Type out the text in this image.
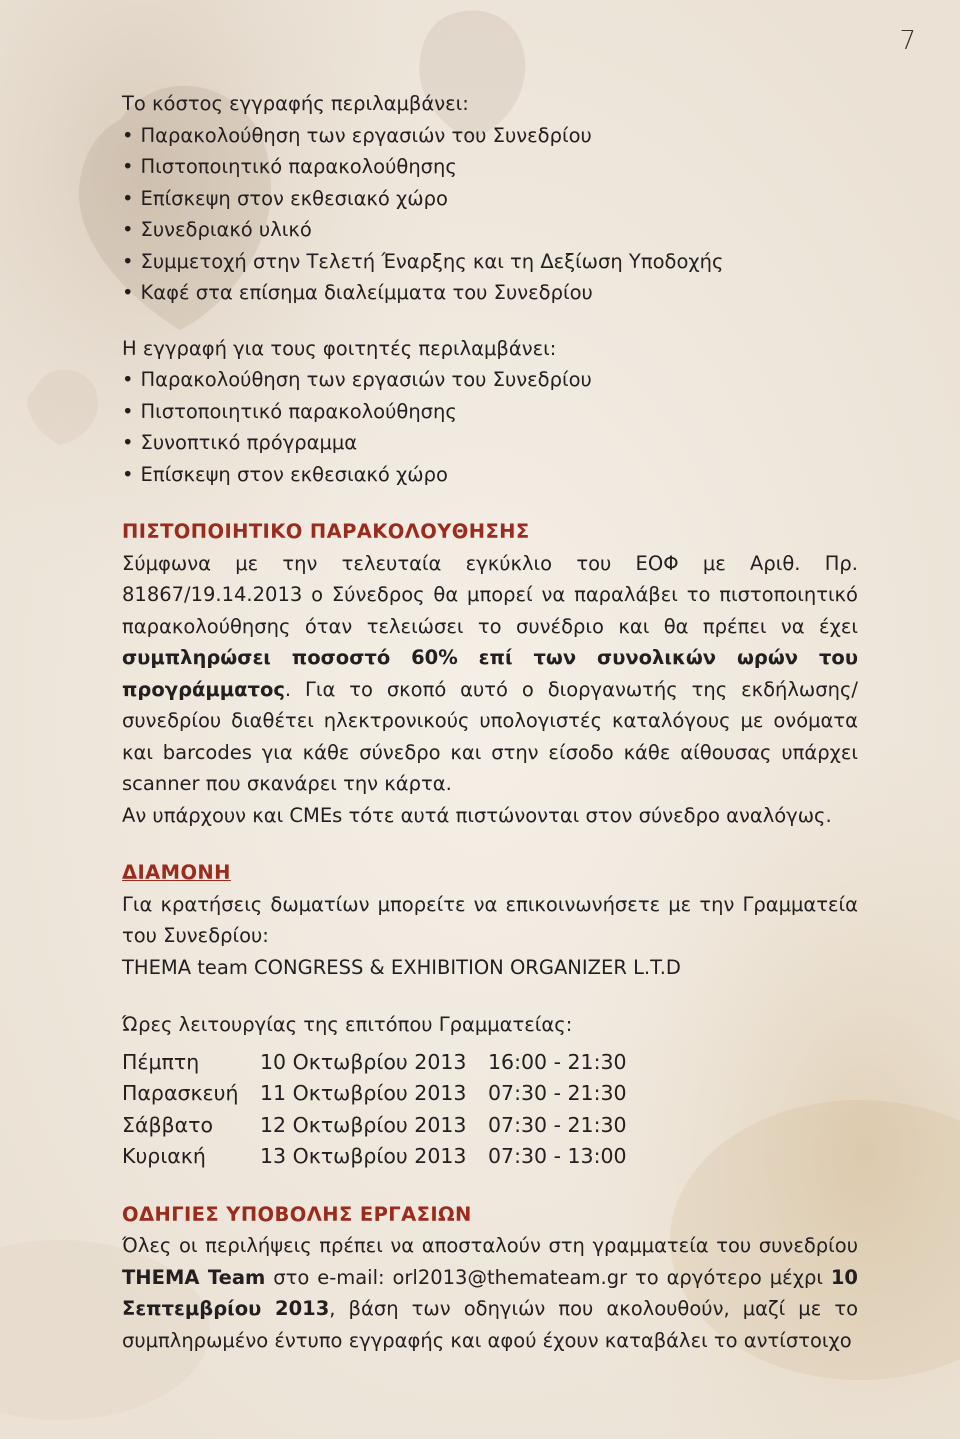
7
Το κόστος εγγραφής περιλαμβάνει:
• Παρακολούθηση των εργασιών του Συνεδρίου
• Πιστοποιητικό παρακολούθησης
• Επίσκεψη στον εκθεσιακό χώρο
• Συνεδριακό υλικό
• Συμμετοχή στην Τελετή Έναρξης και τη Δεξίωση Υποδοχής
• Καφέ στα επίσημα διαλείμματα του Συνεδρίου
Η εγγραφή για τους φοιτητές περιλαμβάνει:
• Παρακολούθηση των εργασιών του Συνεδρίου
• Πιστοποιητικό παρακολούθησης
• Συνοπτικό πρόγραμμα
• Επίσκεψη στον εκθεσιακό χώρο
ΠΙΣΤΟΠΟΙΗΤΙΚΟ ΠΑΡΑΚΟΛΟΥΘΗΣΗΣ
Σύμφωνα με την τελευταία εγκύκλιο του ΕΟΦ με Αριθ. Πρ. 81867/19.14.2013 ο Σύνεδρος θα μπορεί να παραλάβει το πιστοποιητικό παρακολούθησης όταν τελειώσει το συνέδριο και θα πρέπει να έχει συμπληρώσει ποσοστό 60% επί των συνολικών ωρών του προγράμματος. Για το σκοπό αυτό ο διοργανωτής της εκδήλωσης/συνεδρίου διαθέτει ηλεκτρονικούς υπολογιστές καταλόγους με ονόματα και barcodes για κάθε σύνεδρο και στην είσοδο κάθε αίθουσας υπάρχει scanner που σκανάρει την κάρτα.
Αν υπάρχουν και CMEs τότε αυτά πιστώνονται στον σύνεδρο αναλόγως.
ΔΙΑΜΟΝΗ
Για κρατήσεις δωματίων μπορείτε να επικοινωνήσετε με την Γραμματεία του Συνεδρίου:
THEMA team CONGRESS & EXHIBITION ORGANIZER L.T.D
Ώρες λειτουργίας της επιτόπου Γραμματείας:
Πέμπτη	10 Οκτωβρίου 2013	16:00 - 21:30
Παρασκευή	11 Οκτωβρίου 2013	07:30 - 21:30
Σάββατο	12 Οκτωβρίου 2013	07:30 - 21:30
Κυριακή	13 Οκτωβρίου 2013	07:30 - 13:00
ΟΔΗΓΙΕΣ ΥΠΟΒΟΛΗΣ ΕΡΓΑΣΙΩΝ
Όλες οι περιλήψεις πρέπει να αποσταλούν στη γραμματεία του συνεδρίου THEMA Team στο e-mail: orl2013@themateam.gr το αργότερο μέχρι 10 Σεπτεμβρίου 2013, βάση των οδηγιών που ακολουθούν, μαζί με το συμπληρωμένο έντυπο εγγραφής και αφού έχουν καταβάλει το αντίστοιχο
